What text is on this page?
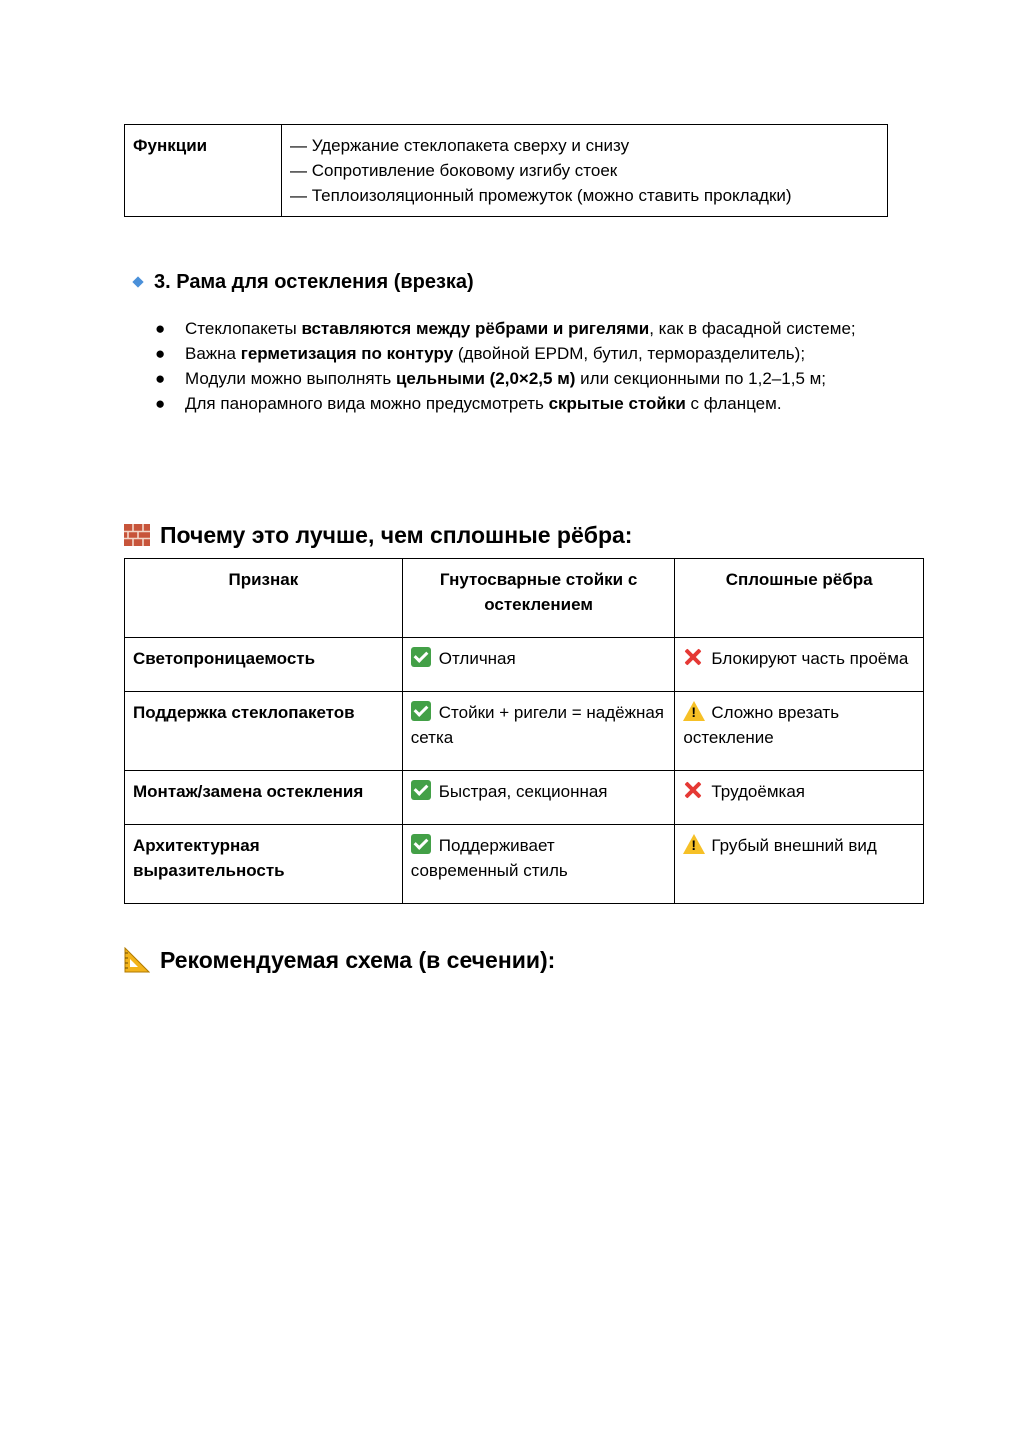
Функции	— Удержание стеклопакета сверху и снизу
— Сопротивление боковому изгибу стоек
— Теплоизоляционный промежуток (можно ставить прокладки)
3. Рама для остекления (врезка)
● Стеклопакеты вставляются между рёбрами и ригелями, как в фасадной системе;
● Важна герметизация по контуру (двойной EPDM, бутил, терморазделитель);
● Модули можно выполнять цельными (2,0×2,5 м) или секционными по 1,2–1,5 м;
● Для панорамного вида можно предусмотреть скрытые стойки с фланцем.
Почему это лучше, чем сплошные рёбра:
Признак	Гнутосварные стойки с остеклением	Сплошные рёбра
Светопроницаемость	Отличная	Блокируют часть проёма
Поддержка стеклопакетов	Стойки + ригели = надёжная сетка	!Сложно врезать остекление
Монтаж/замена остекления	Быстрая, секционная	Трудоёмкая
Архитектурная выразительность	Поддерживает современный стиль	!Грубый внешний вид
Рекомендуемая схема (в сечении):
